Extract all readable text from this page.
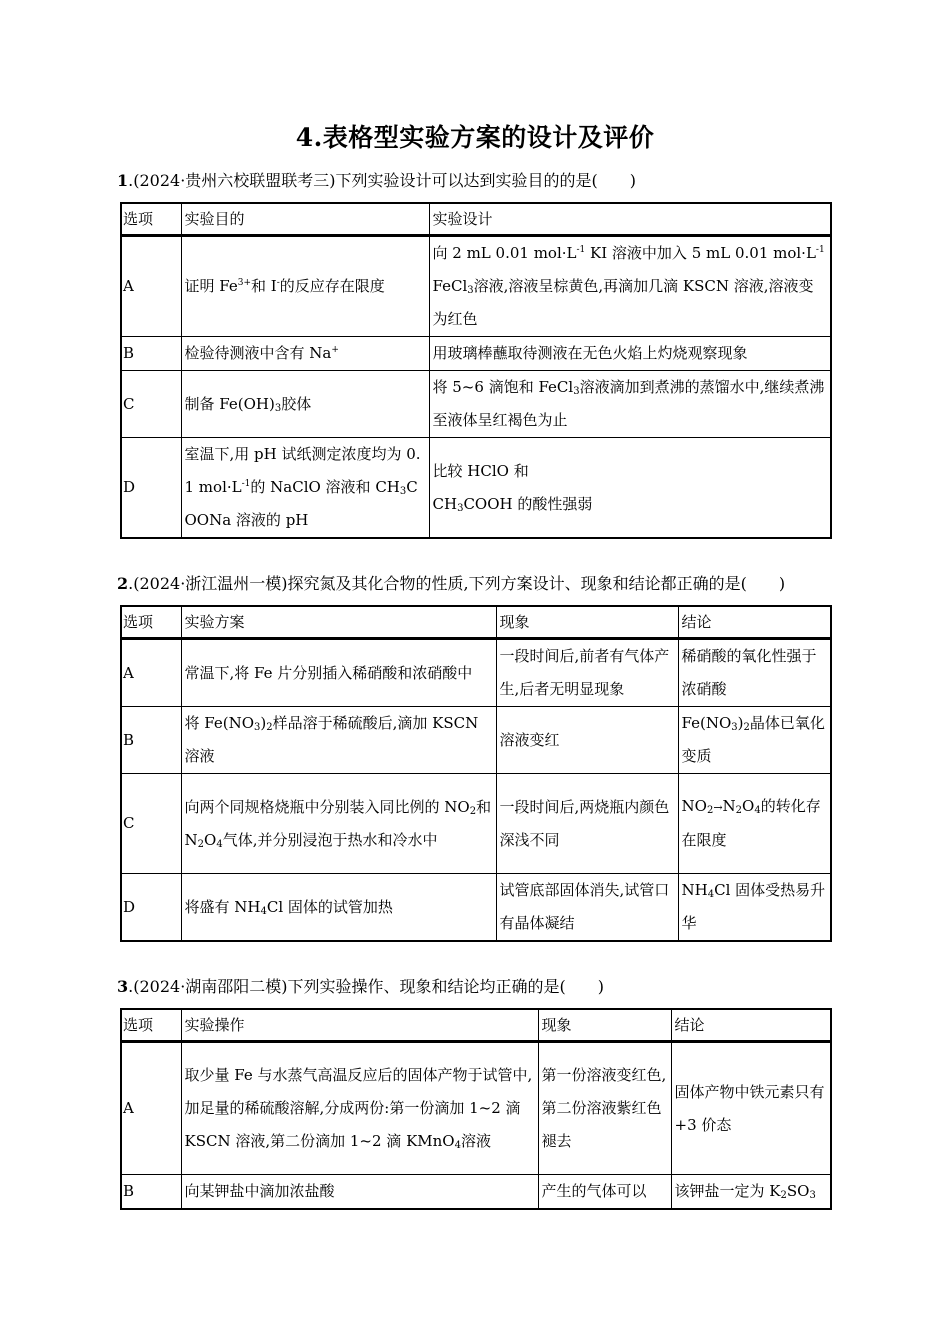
4.表格型实验方案的设计及评价
1.(2024·贵州六校联盟联考三)下列实验设计可以达到实验目的的是(　　)
选项	实验目的	实验设计
A	证明 $Fe^{3+}$和 I-的反应存在限度	向 2 mL 0.01 $mol\cdot L^{-1}$ KI 溶液中加入 5 mL 0.01 $mol\cdot L^{-1}$ FeCl$_3$溶液,溶液呈棕黄色,再滴加几滴 KSCN 溶液,溶液变为红色
B	检验待测液中含有 Na+	用玻璃棒蘸取待测液在无色火焰上灼烧观察现象
C	制备 $Fe(OH)_3$胶体	将 5~6 滴饱和 FeCl$_3$溶液滴加到煮沸的蒸馏水中,继续煮沸至液体呈红褐色为止
D	室温下,用 pH 试纸测定浓度均为 0.1 $mol\cdot L^{-1}$的 NaClO 溶液和 $CH_3COONa$ 溶液的 pH	比较 HClO 和
$CH_3COOH$ 的酸性强弱
2.(2024·浙江温州一模)探究氮及其化合物的性质,下列方案设计、现象和结论都正确的是(　　)
选项	实验方案	现象	结论
A	常温下,将 Fe 片分别插入稀硝酸和浓硝酸中	一段时间后,前者有气体产生,后者无明显现象	稀硝酸的氧化性强于浓硝酸
B	将 $Fe(NO_3)_2$样品溶于稀硫酸后,滴加 KSCN 溶液	溶液变红	$Fe(NO_3)_2$晶体已氧化变质
C	向两个同规格烧瓶中分别装入同比例的 $NO_2$和 $N_2O_4$气体,并分别浸泡于热水和冷水中	一段时间后,两烧瓶内颜色深浅不同	$NO_2\to N_2O_4$的转化存在限度
D	将盛有 $NH_4Cl$ 固体的试管加热	试管底部固体消失,试管口有晶体凝结	$NH_4Cl$ 固体受热易升华
3.(2024·湖南邵阳二模)下列实验操作、现象和结论均正确的是(　　)
选项	实验操作	现象	结论
A	取少量 Fe 与水蒸气高温反应后的固体产物于试管中,加足量的稀硫酸溶解,分成两份:第一份滴加 1~2 滴 KSCN 溶液,第二份滴加 1~2 滴 KMnO$_4$溶液	第一份溶液变红色,第二份溶液紫红色褪去	固体产物中铁元素只有+3 价态
B	向某钾盐中滴加浓盐酸	产生的气体可以	该钾盐一定为 $K_2SO_3$
